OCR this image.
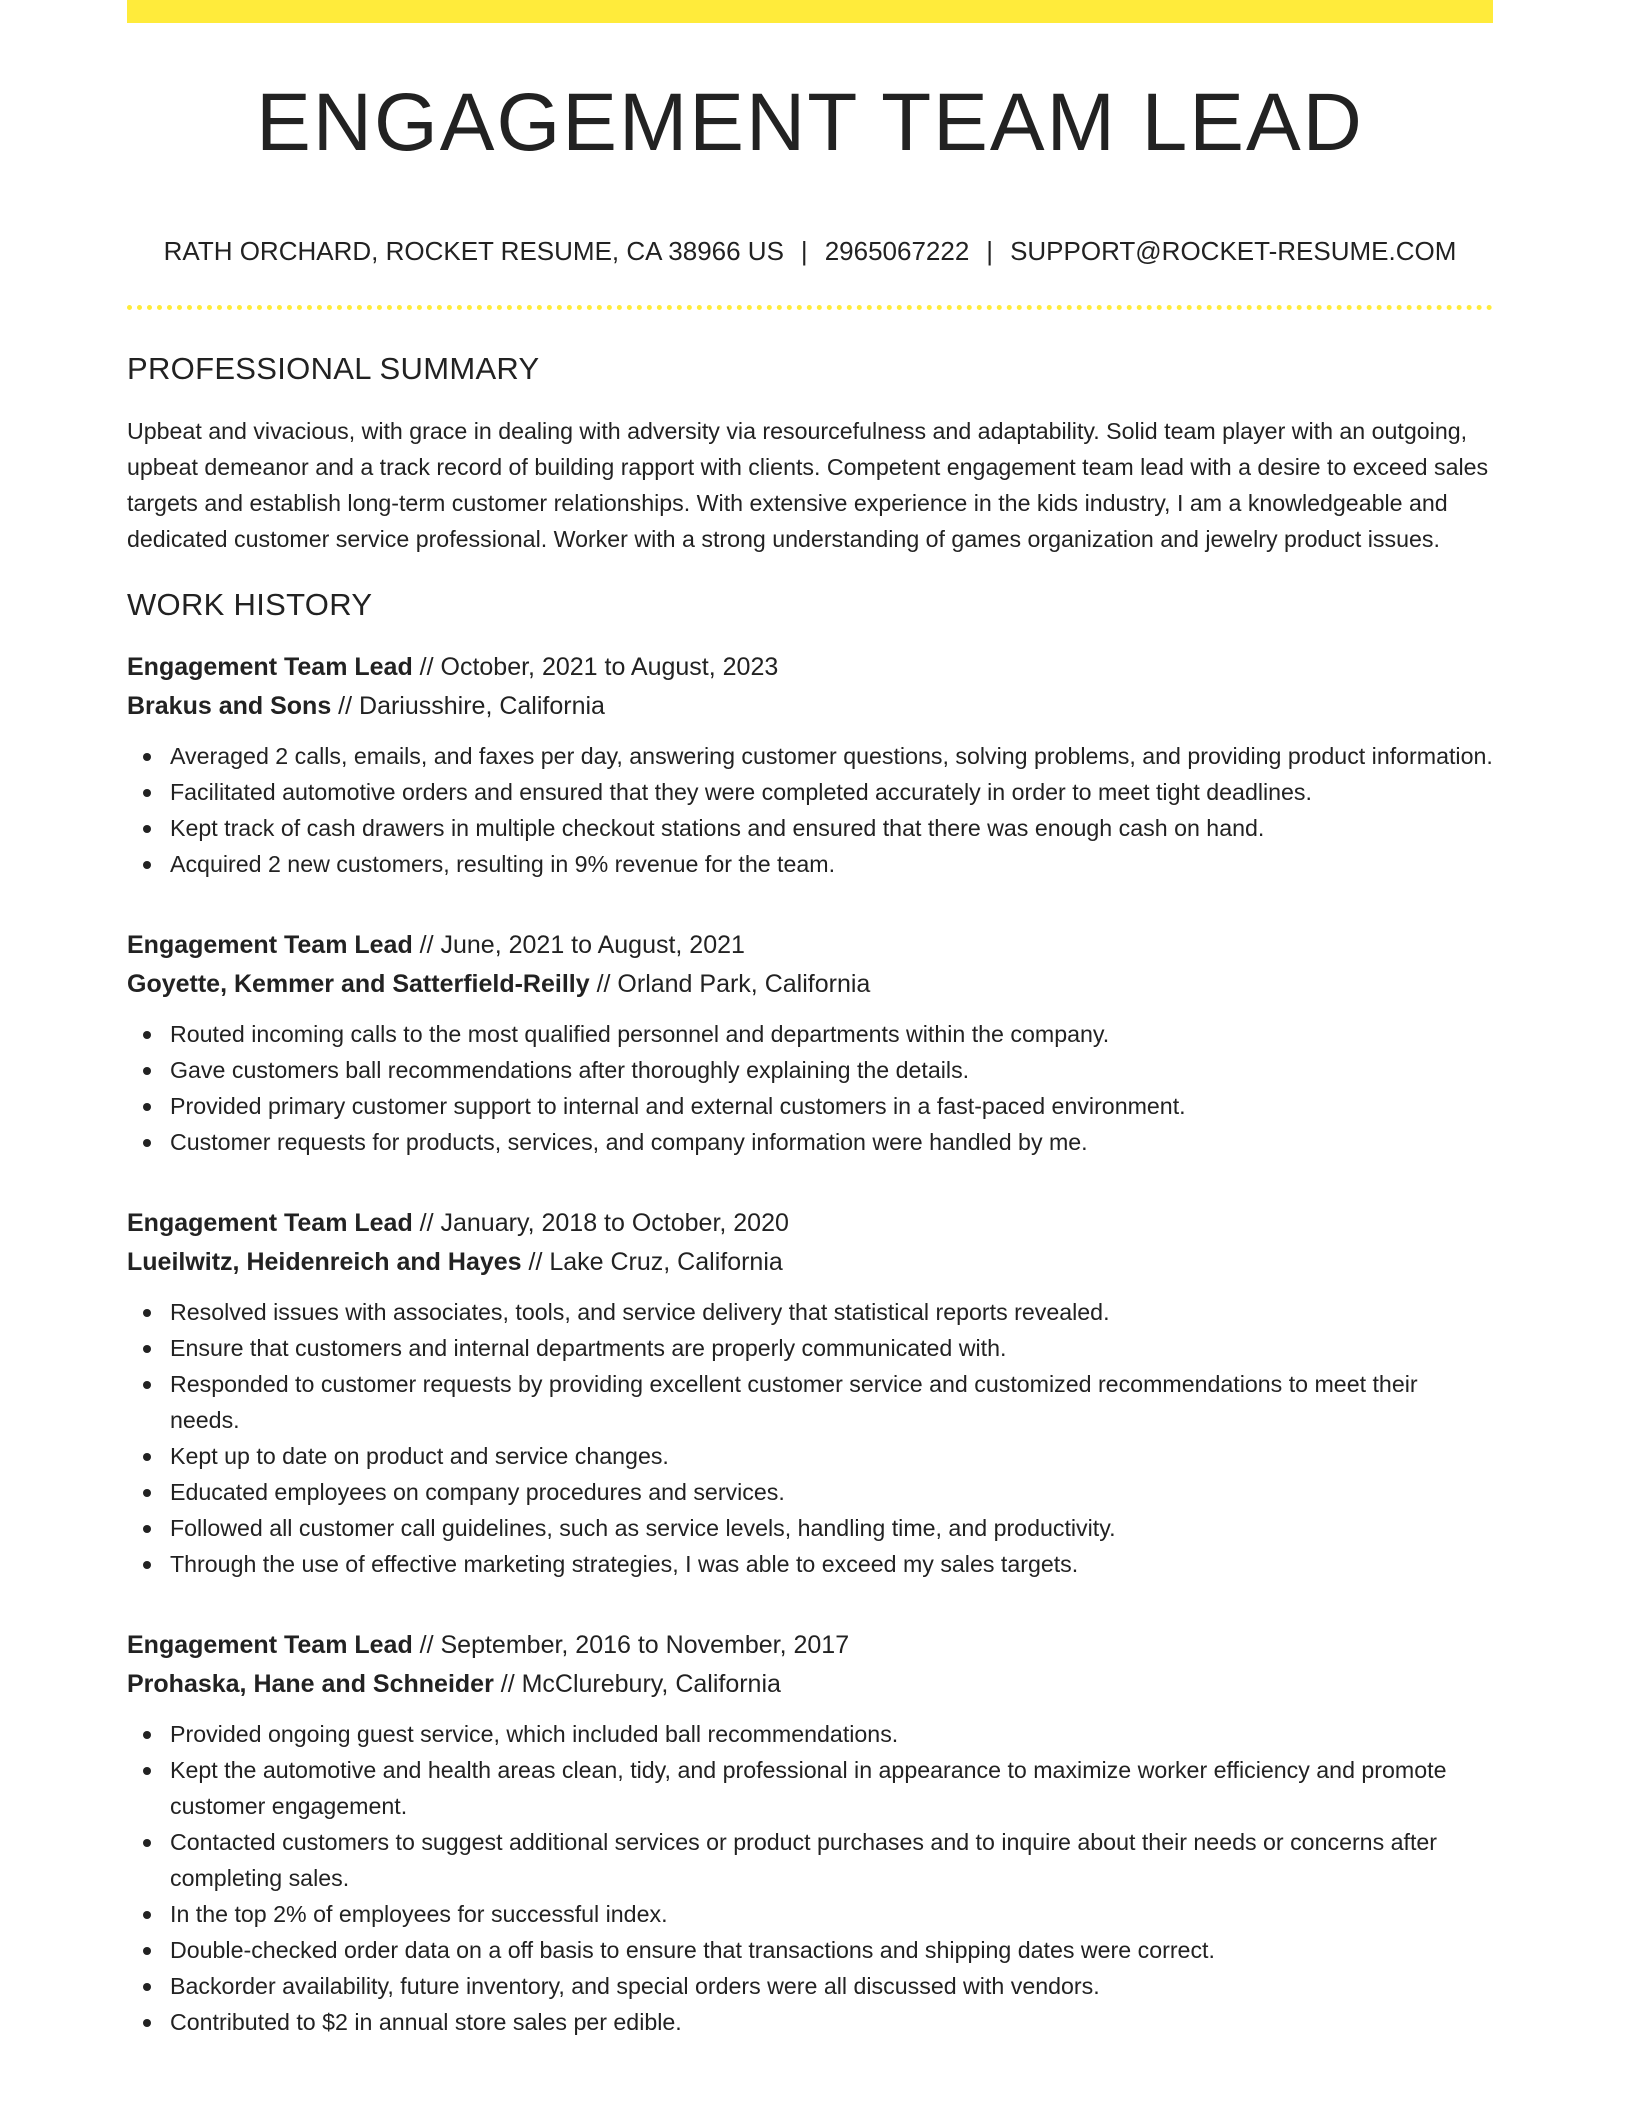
ENGAGEMENT TEAM LEAD
RATH ORCHARD, ROCKET RESUME, CA 38966 US | 2965067222 | SUPPORT@ROCKET-RESUME.COM
PROFESSIONAL SUMMARY

Upbeat and vivacious, with grace in dealing with adversity via resourcefulness and adaptability. Solid team player with an outgoing, upbeat demeanor and a track record of building rapport with clients. Competent engagement team lead with a desire to exceed sales targets and establish long-term customer relationships. With extensive experience in the kids industry, I am a knowledgeable and dedicated customer service professional. Worker with a strong understanding of games organization and jewelry product issues.

WORK HISTORY
Engagement Team Lead // October, 2021 to August, 2023
Brakus and Sons // Dariusshire, California
Averaged 2 calls, emails, and faxes per day, answering customer questions, solving problems, and providing product information.
Facilitated automotive orders and ensured that they were completed accurately in order to meet tight deadlines.
Kept track of cash drawers in multiple checkout stations and ensured that there was enough cash on hand.
Acquired 2 new customers, resulting in 9% revenue for the team.
Engagement Team Lead // June, 2021 to August, 2021
Goyette, Kemmer and Satterfield-Reilly // Orland Park, California
Routed incoming calls to the most qualified personnel and departments within the company.
Gave customers ball recommendations after thoroughly explaining the details.
Provided primary customer support to internal and external customers in a fast-paced environment.
Customer requests for products, services, and company information were handled by me.
Engagement Team Lead // January, 2018 to October, 2020
Lueilwitz, Heidenreich and Hayes // Lake Cruz, California
Resolved issues with associates, tools, and service delivery that statistical reports revealed.
Ensure that customers and internal departments are properly communicated with.
Responded to customer requests by providing excellent customer service and customized recommendations to meet their needs.
Kept up to date on product and service changes.
Educated employees on company procedures and services.
Followed all customer call guidelines, such as service levels, handling time, and productivity.
Through the use of effective marketing strategies, I was able to exceed my sales targets.
Engagement Team Lead // September, 2016 to November, 2017
Prohaska, Hane and Schneider // McClurebury, California
Provided ongoing guest service, which included ball recommendations.
Kept the automotive and health areas clean, tidy, and professional in appearance to maximize worker efficiency and promote customer engagement.
Contacted customers to suggest additional services or product purchases and to inquire about their needs or concerns after completing sales.
In the top 2% of employees for successful index.
Double-checked order data on a off basis to ensure that transactions and shipping dates were correct.
Backorder availability, future inventory, and special orders were all discussed with vendors.
Contributed to $2 in annual store sales per edible.
